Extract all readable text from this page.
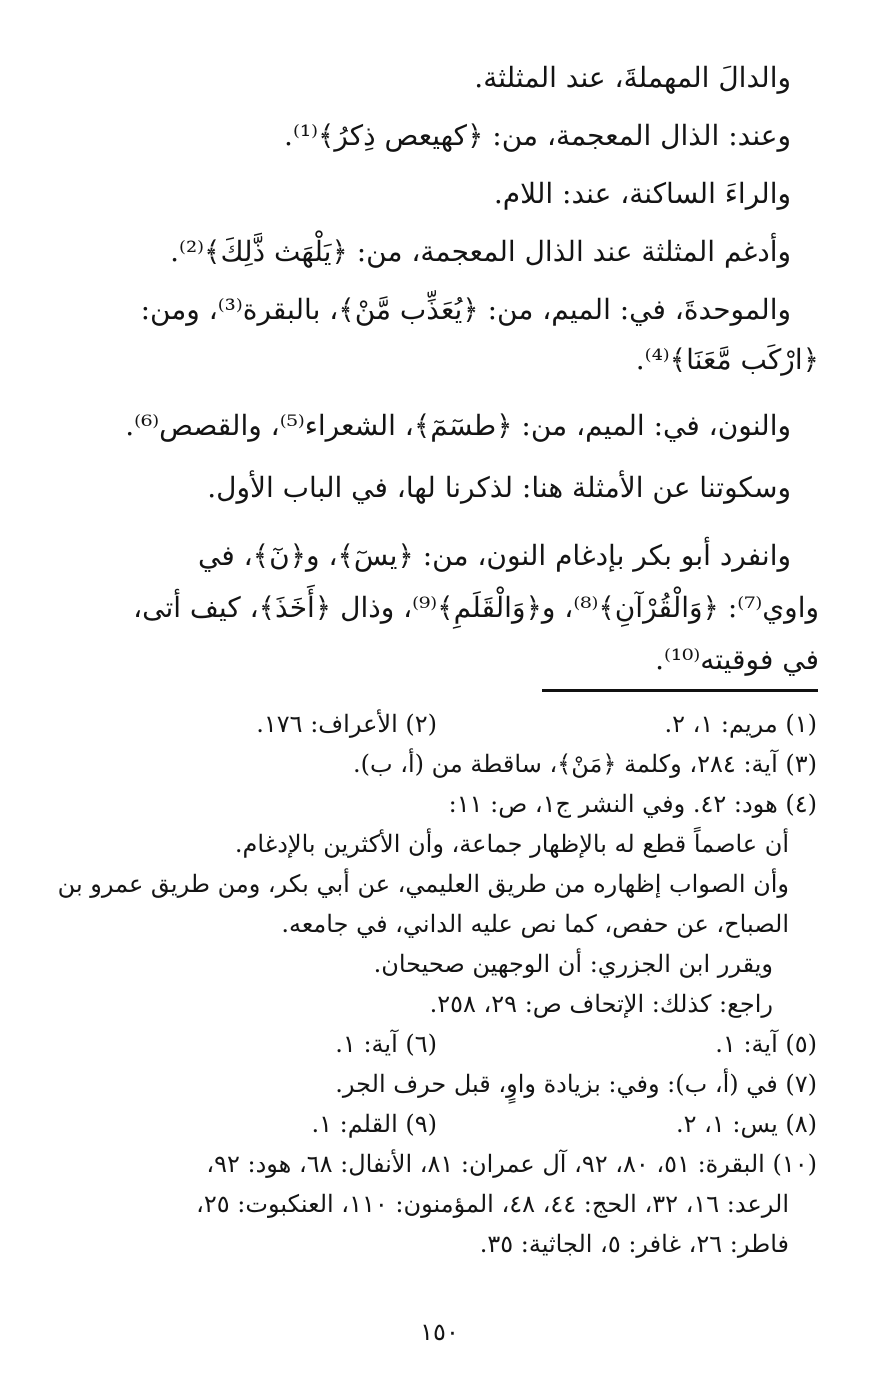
والدالَ المهملةَ، عند المثلثة.
وعند: الذال المعجمة، من: ﴿كهيعص ذِكرُ﴾⁽¹⁾.
والراءَ الساكنة، عند: اللام.
وأدغم المثلثة عند الذال المعجمة، من: ﴿يَلْهَث ذَّلِكَ﴾⁽²⁾.
والموحدةَ، في: الميم، من: ﴿يُعَذِّب مَّنْ﴾، بالبقرة⁽³⁾، ومن:
﴿ارْكَب مَّعَنَا﴾⁽⁴⁾.
والنون، في: الميم، من: ﴿طسٓمٓ﴾، الشعراء⁽⁵⁾، والقصص⁽⁶⁾.
وسكوتنا عن الأمثلة هنا: لذكرنا لها، في الباب الأول.
وانفرد أبو بكر بإدغام النون، من: ﴿يسٓ﴾، و﴿نٓ﴾، في
واوي⁽⁷⁾: ﴿وَالْقُرْآنِ﴾⁽⁸⁾، و﴿وَالْقَلَمِ﴾⁽⁹⁾، وذال ﴿أَخَذَ﴾، كيف أتى،
في فوقيته⁽¹⁰⁾.
(١) مريم: ١، ٢.
(٢) الأعراف: ١٧٦.
(٣) آية: ٢٨٤، وكلمة ﴿مَنْ﴾، ساقطة من (أ، ب).
(٤) هود: ٤٢. وفي النشر ج١، ص: ١١:
أن عاصماً قطع له بالإظهار جماعة، وأن الأكثرين بالإدغام.
وأن الصواب إظهاره من طريق العليمي، عن أبي بكر، ومن طريق عمرو بن
الصباح، عن حفص، كما نص عليه الداني، في جامعه.
ويقرر ابن الجزري: أن الوجهين صحيحان.
راجع: كذلك: الإتحاف ص: ٢٩، ٢٥٨.
(٥) آية: ١.
(٦) آية: ١.
(٧) في (أ، ب): وفي: بزيادة واوٍ، قبل حرف الجر.
(٨) يس: ١، ٢.
(٩) القلم: ١.
(١٠) البقرة: ٥١، ٨٠، ٩٢، آل عمران: ٨١، الأنفال: ٦٨، هود: ٩٢،
الرعد: ١٦، ٣٢، الحج: ٤٤، ٤٨، المؤمنون: ١١٠، العنكبوت: ٢٥،
فاطر: ٢٦، غافر: ٥، الجاثية: ٣٥.
١٥٠
